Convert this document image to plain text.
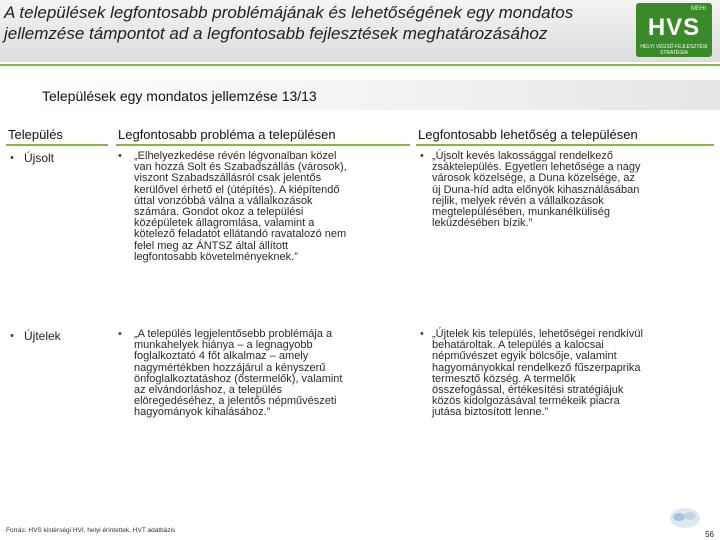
A települések legfontosabb problémájának és lehetőségének egy mondatos jellemzése támpontot ad a legfontosabb fejlesztések meghatározásához
MEHI
HVS
HELYI VÉGSŐ FEJLESZTÉSI STRATÉGIA
Települések egy mondatos jellemzése 13/13
Település	Legfontosabb probléma a településen	Legfontosabb lehetőség a településen
• Újsolt	• „Elhelyezkedése révén légvonalban közel
van hozzá Solt és Szabadszállás (városok),
viszont Szabadszállásról csak jelentős
kerülővel érhető el (útépítés). A kiépítendő
úttal vonzóbbá válna a vállalkozások
számára. Gondot okoz a települési
középületek állagromlása, valamint a
kötelező feladatot ellátandó ravatalozó nem
felel meg az ÁNTSZ által állított
legfontosabb követelményeknek.”
• „Újsolt kevés lakossággal rendelkező
zsáktelepülés. Egyetlen lehetősége a nagy
városok közelsége, a Duna közelsége, az
új Duna-híd adta előnyök kihasználásában
rejlik, melyek révén a vállalkozások
megtelepülésében, munkanélküliség
leküzdésében bízik.”
• Újtelek	• „A település legjelentősebb problémája a
munkahelyek hiánya – a legnagyobb
foglalkoztató 4 főt alkalmaz – amely
nagymértékben hozzájárul a kényszerű
önfoglalkoztatáshoz (őstermelők), valamint
az elvándorláshoz, a település
elöregedéséhez, a jelentős népművészeti
hagyományok kihalásához.”
• „Újtelek kis település, lehetőségei rendkívül
behatároltak. A település a kalocsai
népművészet egyik bölcsője, valamint
hagyományokkal rendelkező fűszerpaprika
termesztő község. A termelők
összefogással, értékesítési stratégiájuk
közös kidolgozásával termékeik piacra
jutása biztosított lenne.”
Forrás: HVS kistérségi HVI, helyi érintettek, HVT adatbázis	56
